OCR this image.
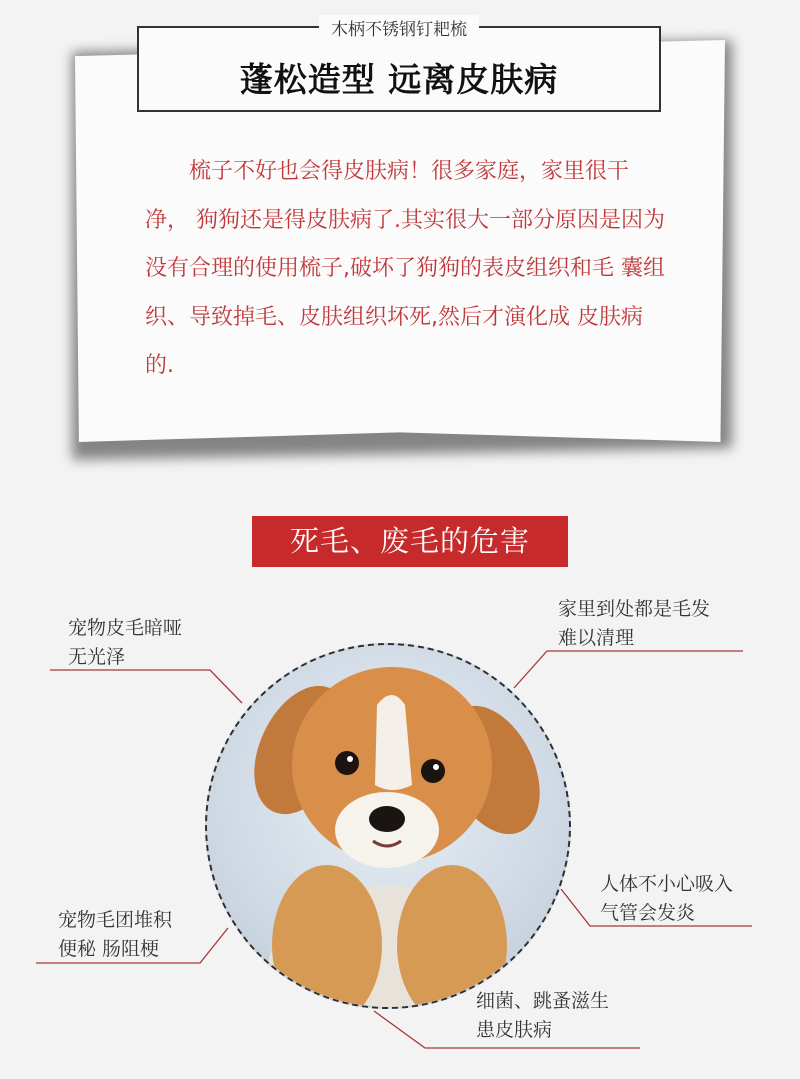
木柄不锈钢钉耙梳
蓬松造型 远离皮肤病
梳子不好也会得皮肤病！很多家庭，家里很干净， 狗狗还是得皮肤病了.其实很大一部分原因是因为没有合理的使用梳子,破坏了狗狗的表皮组织和毛 囊组织、导致掉毛、皮肤组织坏死,然后才演化成 皮肤病的.
死毛、废毛的危害
宠物皮毛暗哑
无光泽
家里到处都是毛发
难以清理
人体不小心吸入
气管会发炎
宠物毛团堆积
便秘 肠阻梗
细菌、跳蚤滋生
患皮肤病
